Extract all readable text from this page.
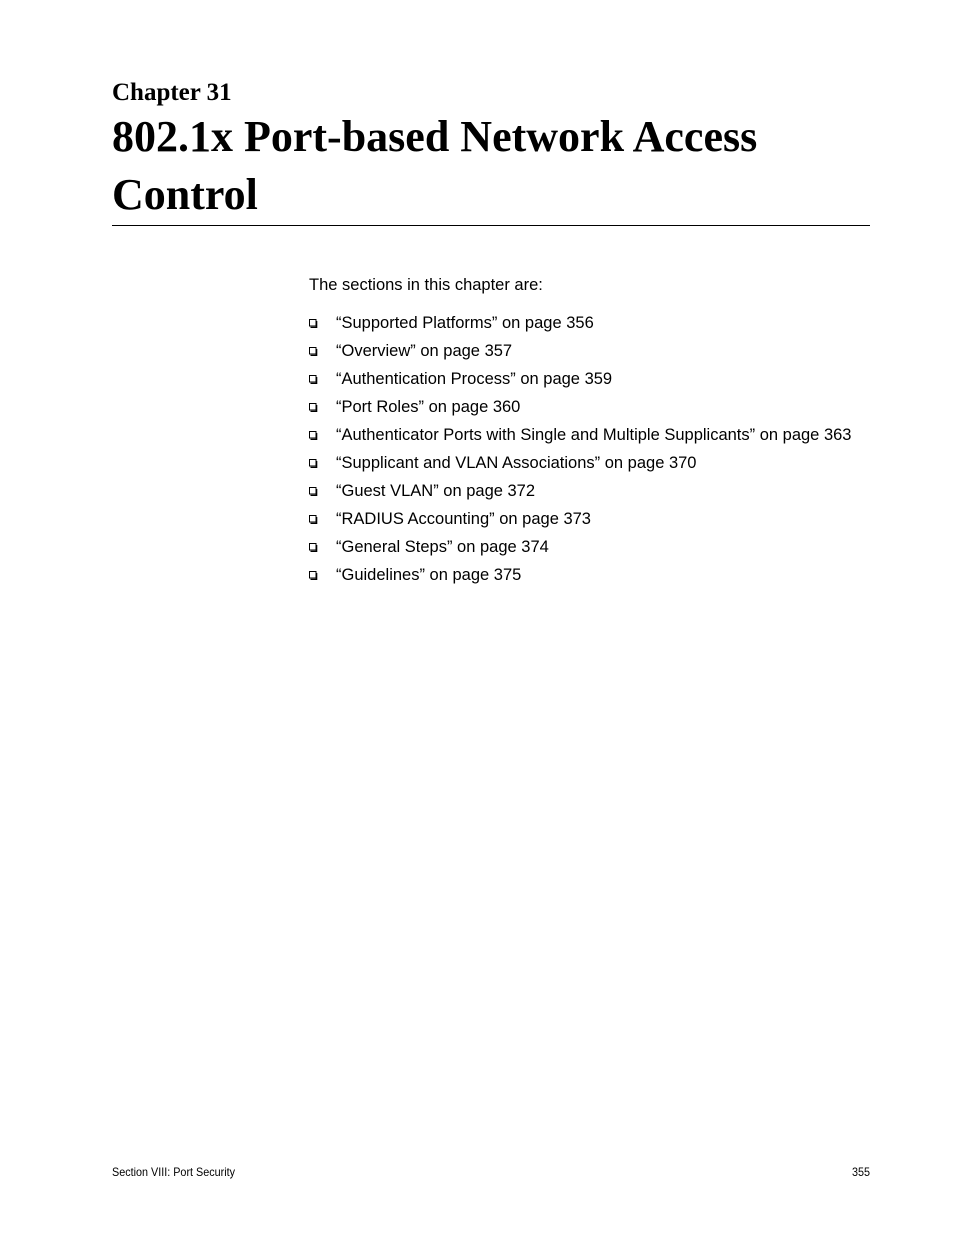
Chapter 31
802.1x Port-based Network Access Control

The sections in this chapter are:

“Supported Platforms” on page 356
“Overview” on page 357
“Authentication Process” on page 359
“Port Roles” on page 360
“Authenticator Ports with Single and Multiple Supplicants” on page 363
“Supplicant and VLAN Associations” on page 370
“Guest VLAN” on page 372
“RADIUS Accounting” on page 373
“General Steps” on page 374
“Guidelines” on page 375
Section VIII: Port Security	355
